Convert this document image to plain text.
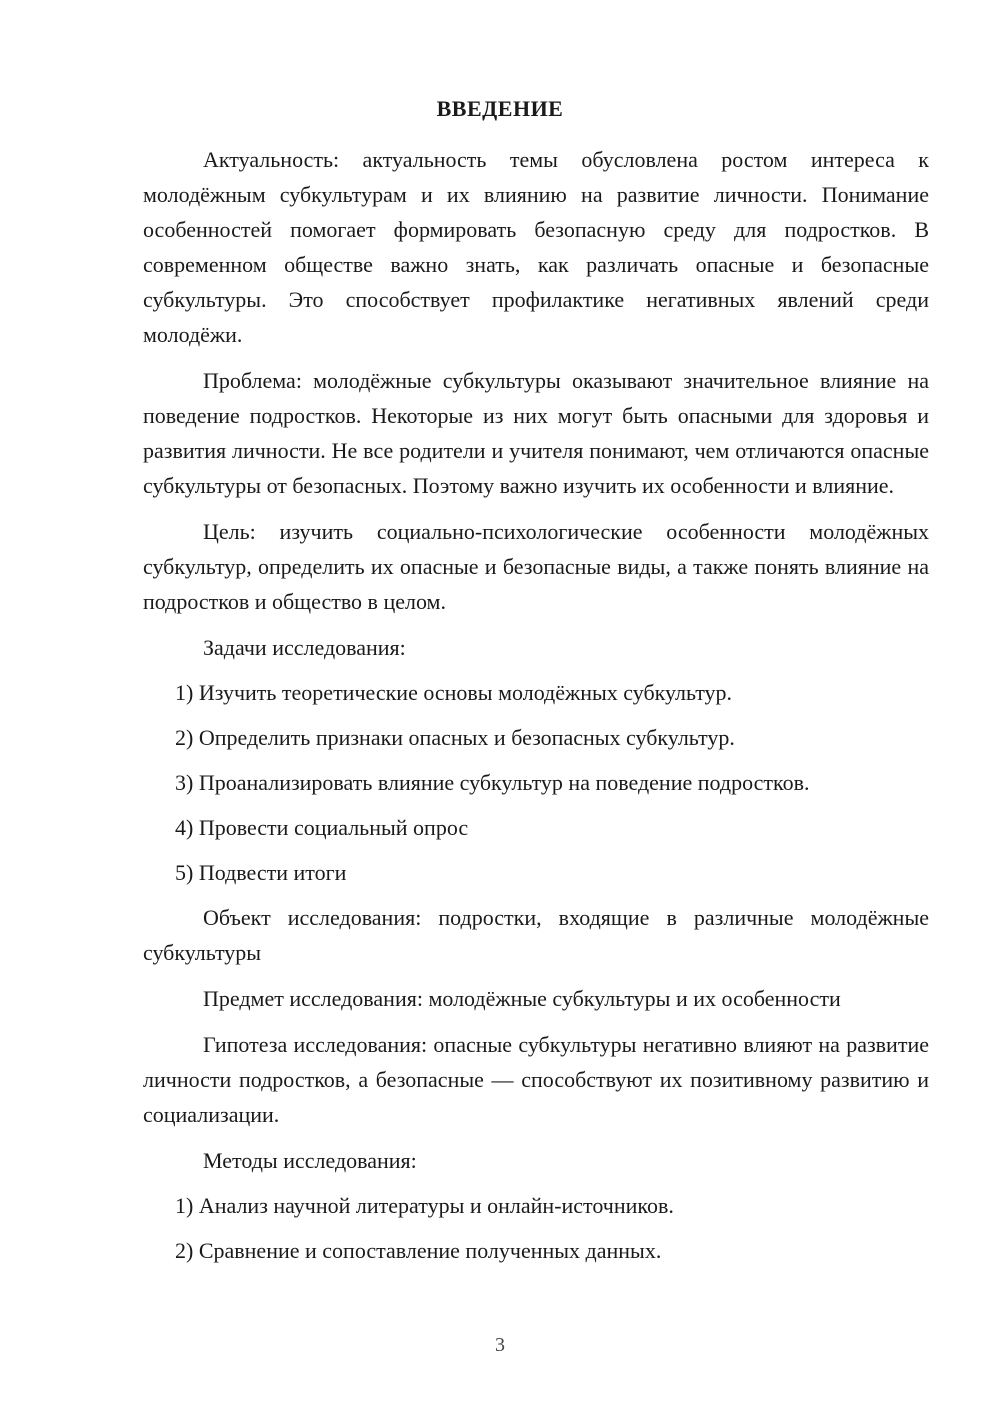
ВВЕДЕНИЕ

Актуальность: актуальность темы обусловлена ростом интереса к молодёжным субкультурам и их влиянию на развитие личности. Понимание особенностей помогает формировать безопасную среду для подростков. В современном обществе важно знать, как различать опасные и безопасные субкультуры. Это способствует профилактике негативных явлений среди молодёжи.

Проблема: молодёжные субкультуры оказывают значительное влияние на поведение подростков. Некоторые из них могут быть опасными для здоровья и развития личности. Не все родители и учителя понимают, чем отличаются опасные субкультуры от безопасных. Поэтому важно изучить их особенности и влияние.

Цель: изучить социально-психологические особенности молодёжных субкультур, определить их опасные и безопасные виды, а также понять влияние на подростков и общество в целом.

Задачи исследования:

1) Изучить теоретические основы молодёжных субкультур.

2) Определить признаки опасных и безопасных субкультур.

3) Проанализировать влияние субкультур на поведение подростков.

4) Провести социальный опрос

5) Подвести итоги

Объект исследования: подростки, входящие в различные молодёжные субкультуры

Предмет исследования: молодёжные субкультуры и их особенности

Гипотеза исследования: опасные субкультуры негативно влияют на развитие личности подростков, а безопасные — способствуют их позитивному развитию и социализации.

Методы исследования:

1) Анализ научной литературы и онлайн-источников.

2) Сравнение и сопоставление полученных данных.

3
